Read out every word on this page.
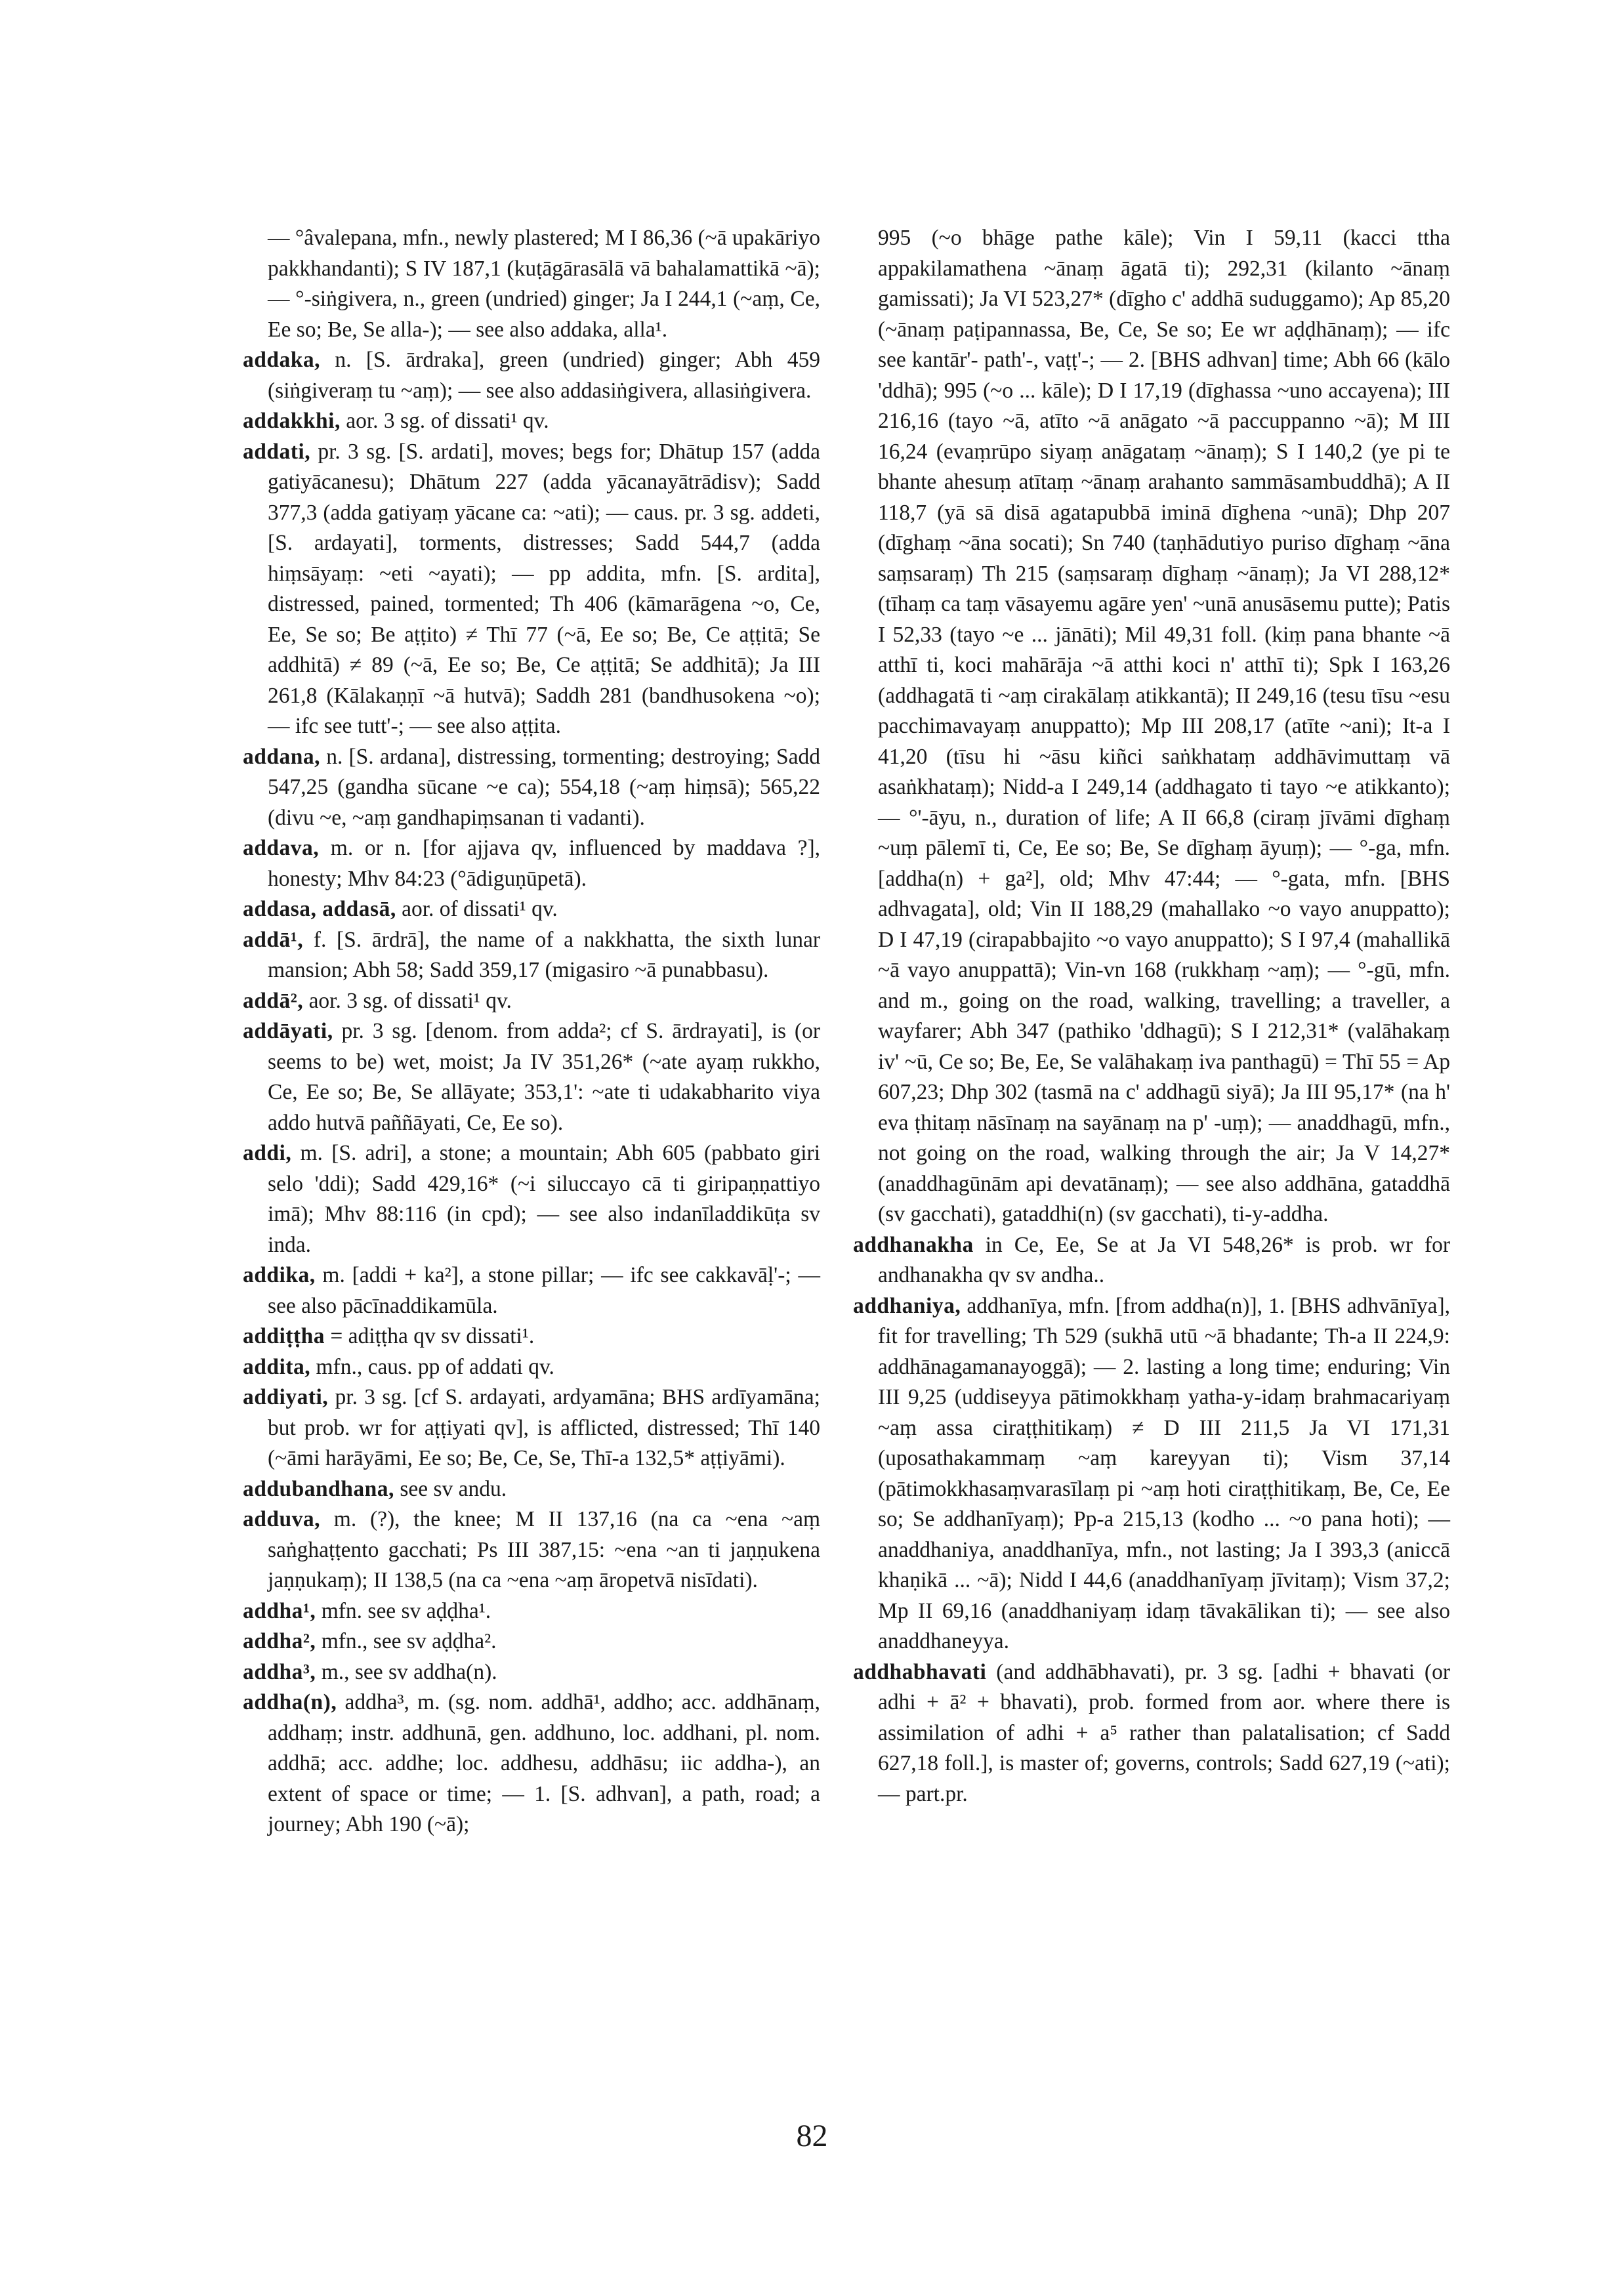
— °âvalepana, mfn., newly plastered; M I 86,36 (~ā upakāriyo pakkhandanti); S IV 187,1 (kuṭāgārasālā vā bahalamattikā ~ā); — °-siṅgivera, n., green (undried) ginger; Ja I 244,1 (~aṃ, Ce, Ee so; Be, Se alla-); — see also addaka, alla¹.

addaka, n. [S. ārdraka], green (undried) ginger; Abh 459 (siṅgiveraṃ tu ~aṃ); — see also addasiṅgivera, allasiṅgivera.

addakkhi, aor. 3 sg. of dissati¹ qv.

addati, pr. 3 sg. [S. ardati], moves; begs for; Dhātup 157 (adda gatiyācanesu); Dhātum 227 (adda yācanayātrādisv); Sadd 377,3 (adda gatiyaṃ yācane ca: ~ati); — caus. pr. 3 sg. addeti, [S. ardayati], torments, distresses; Sadd 544,7 (adda hiṃsāyaṃ: ~eti ~ayati); — pp addita, mfn. [S. ardita], distressed, pained, tormented; Th 406 (kāmarāgena ~o, Ce, Ee, Se so; Be aṭṭito) ≠ Thī 77 (~ā, Ee so; Be, Ce aṭṭitā; Se addhitā) ≠ 89 (~ā, Ee so; Be, Ce aṭṭitā; Se addhitā); Ja III 261,8 (Kālakaṇṇī ~ā hutvā); Saddh 281 (bandhusokena ~o); — ifc see tutt'-; — see also aṭṭita.

addana, n. [S. ardana], distressing, tormenting; destroying; Sadd 547,25 (gandha sūcane ~e ca); 554,18 (~aṃ hiṃsā); 565,22 (divu ~e, ~aṃ gandhapiṃsanan ti vadanti).

addava, m. or n. [for ajjava qv, influenced by maddava ?], honesty; Mhv 84:23 (°ādiguṇūpetā).

addasa, addasā, aor. of dissati¹ qv.

addā¹, f. [S. ārdrā], the name of a nakkhatta, the sixth lunar mansion; Abh 58; Sadd 359,17 (migasiro ~ā punabbasu).

addā², aor. 3 sg. of dissati¹ qv.

addāyati, pr. 3 sg. [denom. from adda²; cf S. ārdrayati], is (or seems to be) wet, moist; Ja IV 351,26* (~ate ayaṃ rukkho, Ce, Ee so; Be, Se allāyate; 353,1': ~ate ti udakabharito viya addo hutvā paññāyati, Ce, Ee so).

addi, m. [S. adri], a stone; a mountain; Abh 605 (pabbato giri selo 'ddi); Sadd 429,16* (~i siluccayo cā ti giripaṇṇattiyo imā); Mhv 88:116 (in cpd); — see also indanīladdikūṭa sv inda.

addika, m. [addi + ka²], a stone pillar; — ifc see cakkavāḷ'-; — see also pācīnaddikamūla.

addiṭṭha = adiṭṭha qv sv dissati¹.

addita, mfn., caus. pp of addati qv.

addiyati, pr. 3 sg. [cf S. ardayati, ardyamāna; BHS ardīyamāna; but prob. wr for aṭṭiyati qv], is afflicted, distressed; Thī 140 (~āmi harāyāmi, Ee so; Be, Ce, Se, Thī-a 132,5* aṭṭiyāmi).

addubandhana, see sv andu.

adduva, m. (?), the knee; M II 137,16 (na ca ~ena ~aṃ saṅghaṭṭento gacchati; Ps III 387,15: ~ena ~an ti jaṇṇukena jaṇṇukaṃ); II 138,5 (na ca ~ena ~aṃ āropetvā nisīdati).

addha¹, mfn. see sv aḍḍha¹.

addha², mfn., see sv aḍḍha².

addha³, m., see sv addha(n).

addha(n), addha³, m. (sg. nom. addhā¹, addho; acc. addhānaṃ, addhaṃ; instr. addhunā, gen. addhuno, loc. addhani, pl. nom. addhā; acc. addhe; loc. addhesu, addhāsu; iic addha-), an extent of space or time; — 1. [S. adhvan], a path, road; a journey; Abh 190 (~ā);

995 (~o bhāge pathe kāle); Vin I 59,11 (kacci ttha appakilamathena ~ānaṃ āgatā ti); 292,31 (kilanto ~ānaṃ gamissati); Ja VI 523,27* (dīgho c' addhā suduggamo); Ap 85,20 (~ānaṃ paṭipannassa, Be, Ce, Se so; Ee wr aḍḍhānaṃ); — ifc see kantār'- path'-, vaṭṭ'-; — 2. [BHS adhvan] time; Abh 66 (kālo 'ddhā); 995 (~o ... kāle); D I 17,19 (dīghassa ~uno accayena); III 216,16 (tayo ~ā, atīto ~ā anāgato ~ā paccuppanno ~ā); M III 16,24 (evaṃrūpo siyaṃ anāgataṃ ~ānaṃ); S I 140,2 (ye pi te bhante ahesuṃ atītaṃ ~ānaṃ arahanto sammāsambuddhā); A II 118,7 (yā sā disā agatapubbā iminā dīghena ~unā); Dhp 207 (dīghaṃ ~āna socati); Sn 740 (taṇhādutiyo puriso dīghaṃ ~āna saṃsaraṃ) Th 215 (saṃsaraṃ dīghaṃ ~ānaṃ); Ja VI 288,12* (tīhaṃ ca taṃ vāsayemu agāre yen' ~unā anusāsemu putte); Patis I 52,33 (tayo ~e ... jānāti); Mil 49,31 foll. (kiṃ pana bhante ~ā atthī ti, koci mahārāja ~ā atthi koci n' atthī ti); Spk I 163,26 (addhagatā ti ~aṃ cirakālaṃ atikkantā); II 249,16 (tesu tīsu ~esu pacchimavayaṃ anuppatto); Mp III 208,17 (atīte ~ani); It-a I 41,20 (tīsu hi ~āsu kiñci saṅkhataṃ addhāvimuttaṃ vā asaṅkhataṃ); Nidd-a I 249,14 (addhagato ti tayo ~e atikkanto); — °'-āyu, n., duration of life; A II 66,8 (ciraṃ jīvāmi dīghaṃ ~uṃ pālemī ti, Ce, Ee so; Be, Se dīghaṃ āyuṃ); — °-ga, mfn. [addha(n) + ga²], old; Mhv 47:44; — °-gata, mfn. [BHS adhvagata], old; Vin II 188,29 (mahallako ~o vayo anuppatto); D I 47,19 (cirapabbajito ~o vayo anuppatto); S I 97,4 (mahallikā ~ā vayo anuppattā); Vin-vn 168 (rukkhaṃ ~aṃ); — °-gū, mfn. and m., going on the road, walking, travelling; a traveller, a wayfarer; Abh 347 (pathiko 'ddhagū); S I 212,31* (valāhakaṃ iv' ~ū, Ce so; Be, Ee, Se valāhakaṃ iva panthagū) = Thī 55 = Ap 607,23; Dhp 302 (tasmā na c' addhagū siyā); Ja III 95,17* (na h' eva ṭhitaṃ nāsīnaṃ na sayānaṃ na p' -uṃ); — anaddhagū, mfn., not going on the road, walking through the air; Ja V 14,27* (anaddhagūnām api devatānaṃ); — see also addhāna, gataddhā (sv gacchati), gataddhi(n) (sv gacchati), ti-y-addha.

addhanakha in Ce, Ee, Se at Ja VI 548,26* is prob. wr for andhanakha qv sv andha..

addhaniya, addhanīya, mfn. [from addha(n)], 1. [BHS adhvānīya], fit for travelling; Th 529 (sukhā utū ~ā bhadante; Th-a II 224,9: addhānagamanayoggā); — 2. lasting a long time; enduring; Vin III 9,25 (uddiseyya pātimokkhaṃ yatha-y-idaṃ brahmacariyaṃ ~aṃ assa ciraṭṭhitikaṃ) ≠ D III 211,5 Ja VI 171,31 (uposathakammaṃ ~aṃ kareyyan ti); Vism 37,14 (pātimokkhasaṃvarasīlaṃ pi ~aṃ hoti ciraṭṭhitikaṃ, Be, Ce, Ee so; Se addhanīyaṃ); Pp-a 215,13 (kodho ... ~o pana hoti); — anaddhaniya, anaddhanīya, mfn., not lasting; Ja I 393,3 (aniccā khaṇikā ... ~ā); Nidd I 44,6 (anaddhanīyaṃ jīvitaṃ); Vism 37,2; Mp II 69,16 (anaddhaniyaṃ idaṃ tāvakālikan ti); — see also anaddhaneyya.

addhabhavati (and addhābhavati), pr. 3 sg. [adhi + bhavati (or adhi + ā² + bhavati), prob. formed from aor. where there is assimilation of adhi + a⁵ rather than palatalisation; cf Sadd 627,18 foll.], is master of; governs, controls; Sadd 627,19 (~ati); — part.pr.

82
